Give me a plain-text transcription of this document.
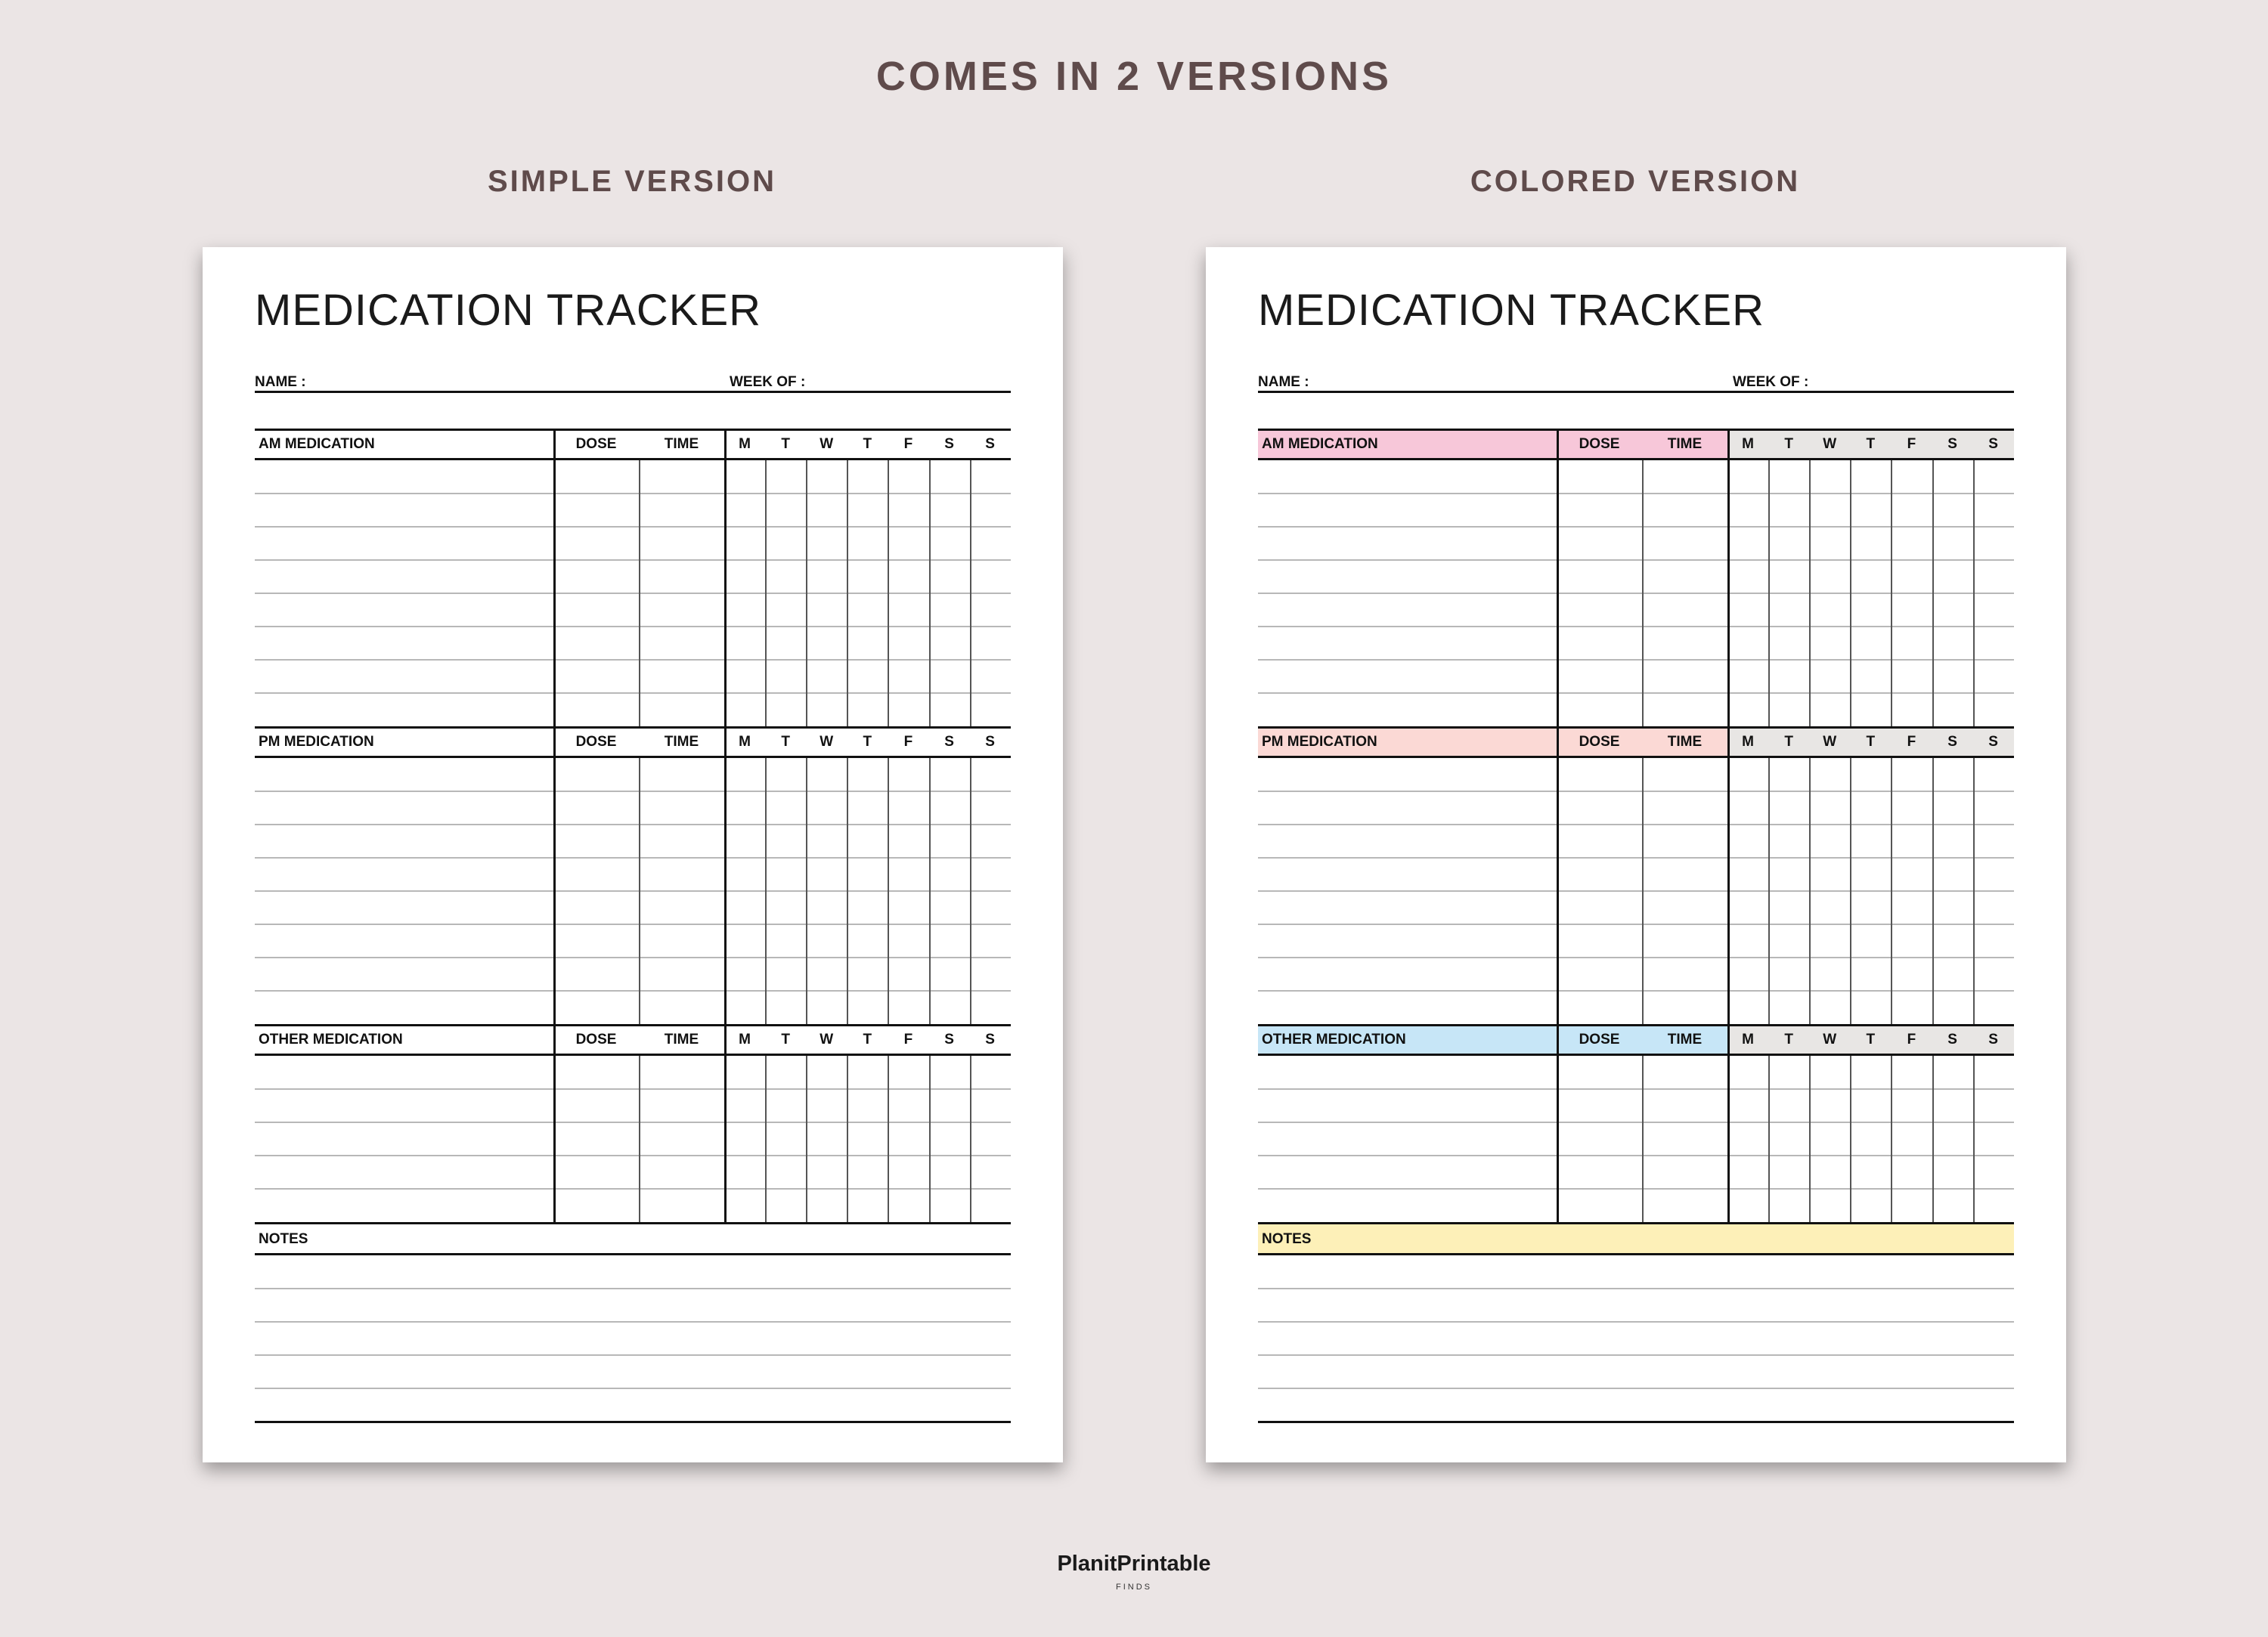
COMES IN 2 VERSIONS
SIMPLE VERSION	COLORED VERSION
MEDICATION TRACKER
NAME :	WEEK OF :
AM MEDICATION	DOSE	TIME	M	T	W	T	F	S	S
PM MEDICATION	DOSE	TIME	M	T	W	T	F	S	S
OTHER MEDICATION	DOSE	TIME	M	T	W	T	F	S	S
NOTES
MEDICATION TRACKER
NAME :	WEEK OF :
AM MEDICATION	DOSE	TIME	M	T	W	T	F	S	S
PM MEDICATION	DOSE	TIME	M	T	W	T	F	S	S
OTHER MEDICATION	DOSE	TIME	M	T	W	T	F	S	S
NOTES
PlanitPrintable
FINDS
